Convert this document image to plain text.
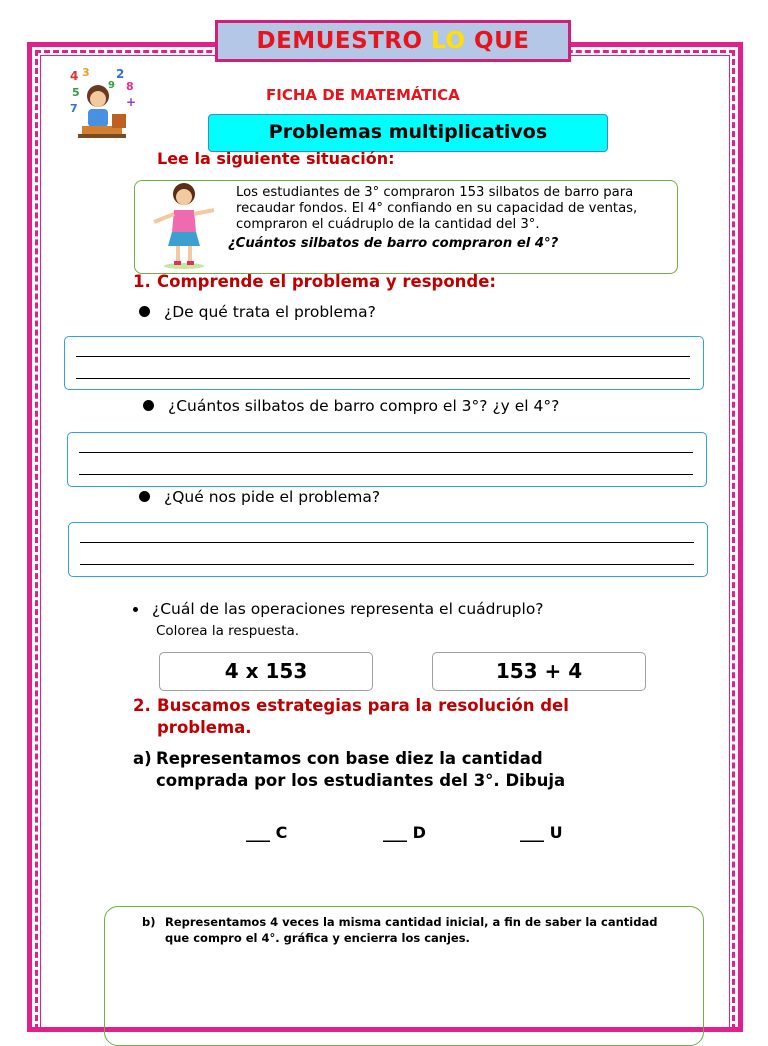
DEMUESTRO LO QUE
4 3 2
8
5
+
7
9
FICHA DE MATEMÁTICA
Problemas multiplicativos
Lee la siguiente situación:
Los estudiantes de 3° compraron 153 silbatos de barro para recaudar fondos. El 4° confiando en su capacidad de ventas, compraron el cuádruplo de la cantidad del 3°.
¿Cuántos silbatos de barro compraron el 4°?
1. Comprende el problema y responde:
¿De qué trata el problema?
¿Cuántos silbatos de barro compro el 3°? ¿y el 4°?
¿Qué nos pide el problema?
¿Cuál de las operaciones representa el cuádruplo?
Colorea la respuesta.
4 x 153	153 + 4
2. Buscamos estrategias para la resolución del problema.
a) Representamos con base diez la cantidad comprada por los estudiantes del 3°. Dibuja
___ C	___ D	___ U
b) Representamos 4 veces la misma cantidad inicial, a fin de saber la cantidad que compro el 4°. gráfica y encierra los canjes.
